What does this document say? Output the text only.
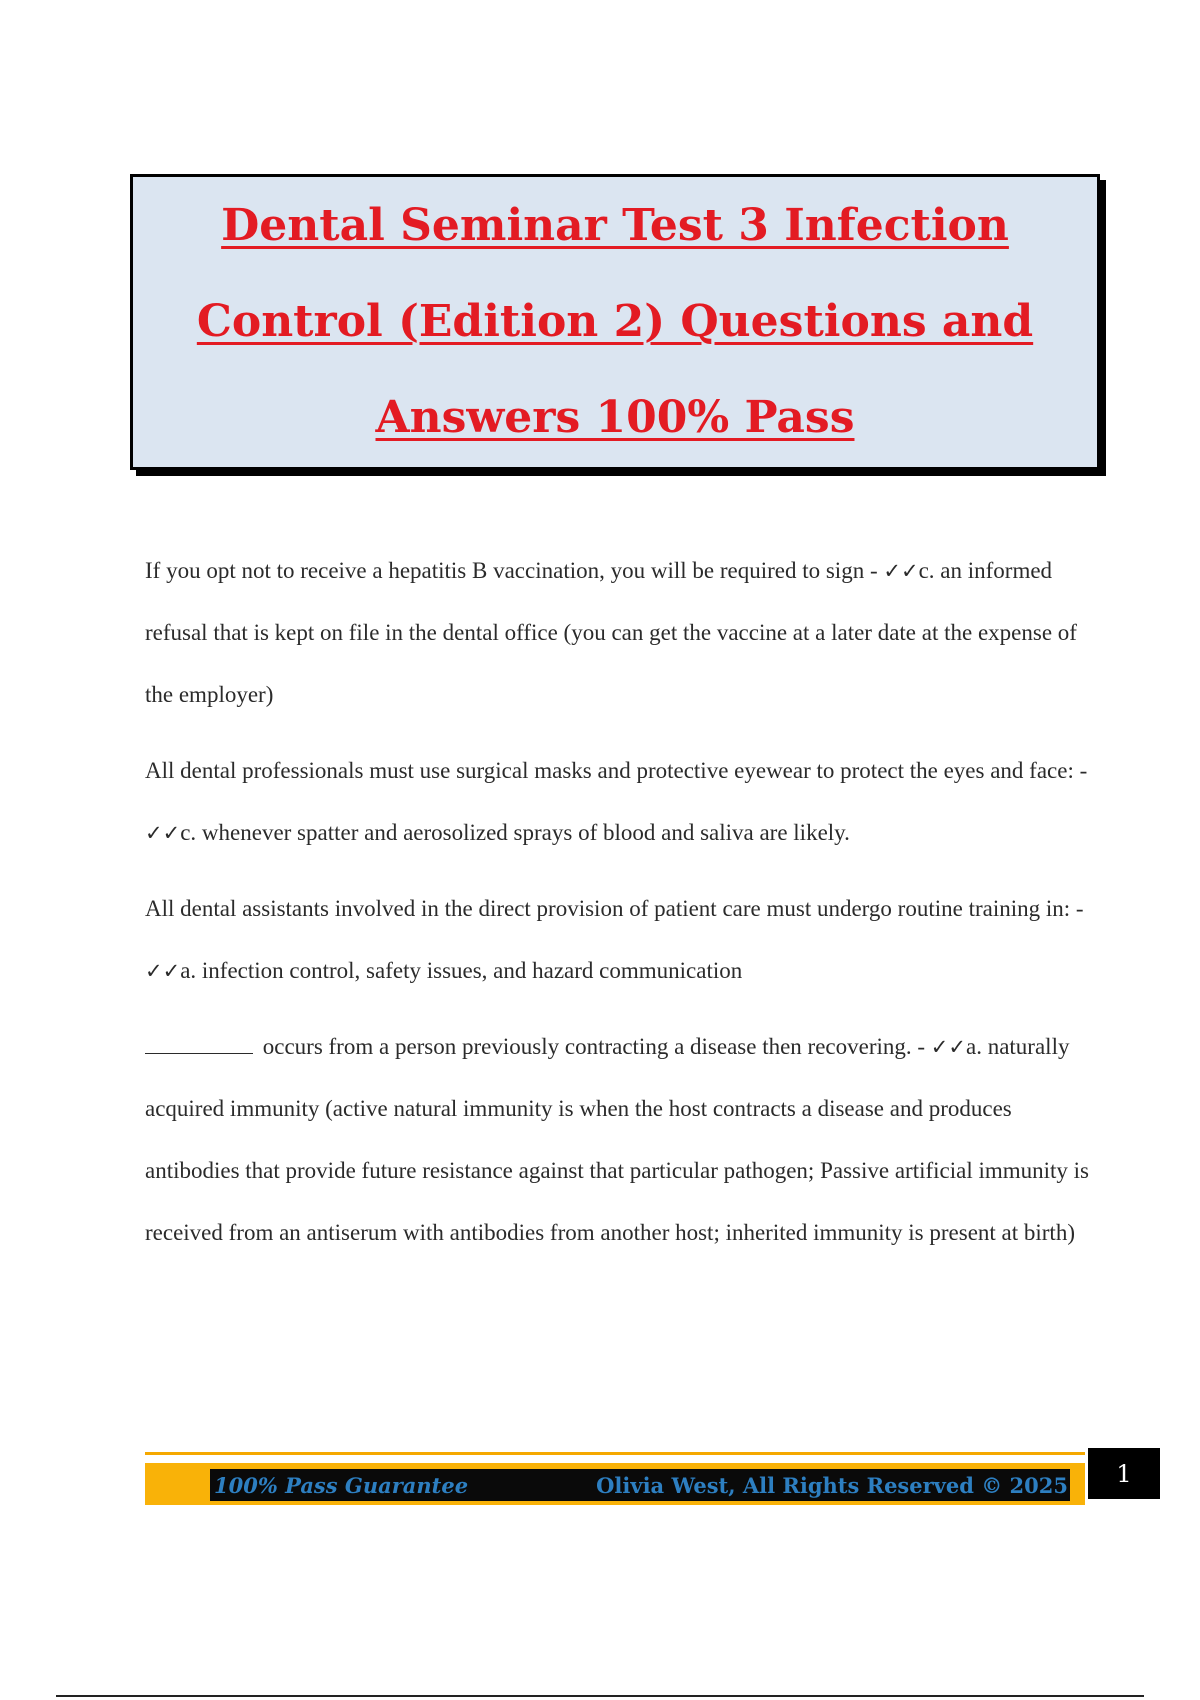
Dental Seminar Test 3 Infection
Control (Edition 2) Questions and
Answers 100% Pass

If you opt not to receive a hepatitis B vaccination, you will be required to sign - ✓✓c. an informed refusal that is kept on file in the dental office (you can get the vaccine at a later date at the expense of the employer)

All dental professionals must use surgical masks and protective eyewear to protect the eyes and face: - ✓✓c. whenever spatter and aerosolized sprays of blood and saliva are likely.

All dental assistants involved in the direct provision of patient care must undergo routine training in: - ✓✓a. infection control, safety issues, and hazard communication

occurs from a person previously contracting a disease then recovering. - ✓✓a. naturally acquired immunity (active natural immunity is when the host contracts a disease and produces antibodies that provide future resistance against that particular pathogen; Passive artificial immunity is received from an antiserum with antibodies from another host; inherited immunity is present at birth)

100% Pass Guarantee	Olivia West, All Rights Reserved © 2025 1
